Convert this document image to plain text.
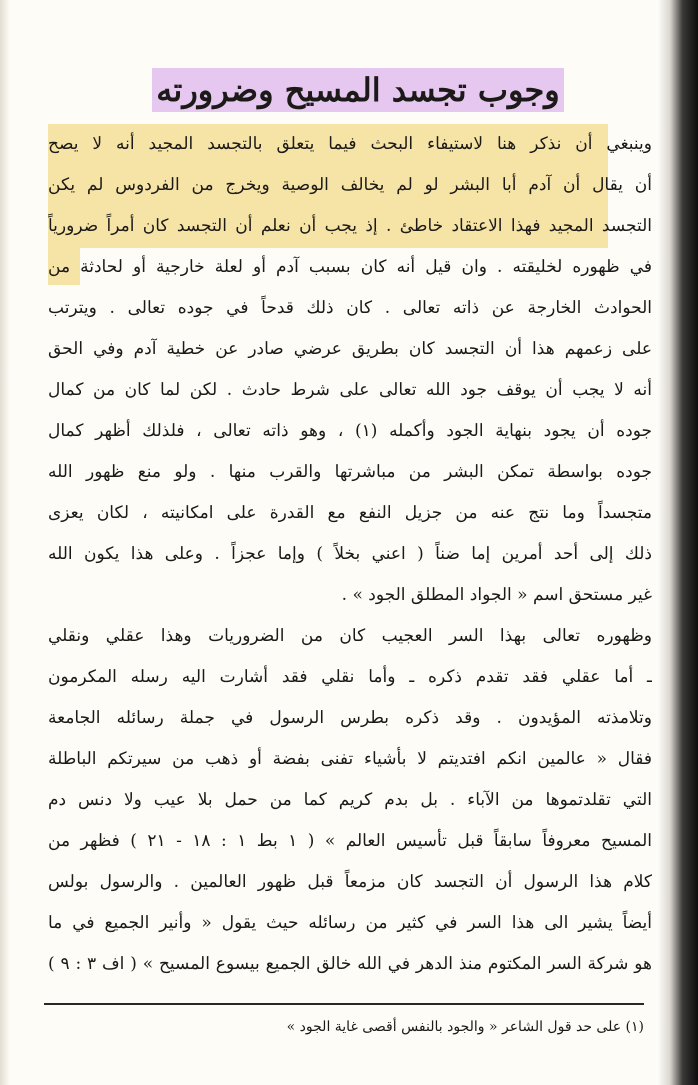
وجوب تجسد المسيح وضرورته
وينبغي أن نذكر هنا لاستيفاء البحث فيما يتعلق بالتجسد المجيد أنه لا يصح
أن يقال أن آدم أبا البشر لو لم يخالف الوصية ويخرج من الفردوس لم يكن
التجسد المجيد فهذا الاعتقاد خاطئ . إذ يجب أن نعلم أن التجسد كان أمراً ضرورياً
في ظهوره لخليقته . وان قيل أنه كان بسبب آدم أو لعلة خارجية أو لحادثة من
الحوادث الخارجة عن ذاته تعالى . كان ذلك قدحاً في جوده تعالى . ويترتب
على زعمهم هذا أن التجسد كان بطريق عرضي صادر عن خطية آدم وفي الحق
أنه لا يجب أن يوقف جود الله تعالى على شرط حادث . لكن لما كان من كمال
جوده أن يجود بنهاية الجود وأكمله (١) ، وهو ذاته تعالى ، فلذلك أظهر كمال
جوده بواسطة تمكن البشر من مباشرتها والقرب منها . ولو منع ظهور الله
متجسداً وما نتج عنه من جزيل النفع مع القدرة على امكانيته ، لكان يعزى
ذلك إلى أحد أمرين إما ضناً ( اعني بخلاً ) وإما عجزاً . وعلى هذا يكون الله
غير مستحق اسم « الجواد المطلق الجود » .
وظهوره تعالى بهذا السر العجيب كان من الضروريات وهذا عقلي ونقلي
ـ أما عقلي فقد تقدم ذكره ـ وأما نقلي فقد أشارت اليه رسله المكرمون
وتلامذته المؤيدون . وقد ذكره بطرس الرسول في جملة رسائله الجامعة
فقال « عالمين انكم افتديتم لا بأشياء تفنى بفضة أو ذهب من سيرتكم الباطلة
التي تقلدتموها من الآباء . بل بدم كريم كما من حمل بلا عيب ولا دنس دم
المسيح معروفاً سابقاً قبل تأسيس العالم » ( ١ بط ١ : ١٨ - ٢١ ) فظهر من
كلام هذا الرسول أن التجسد كان مزمعاً قبل ظهور العالمين . والرسول بولس
أيضاً يشير الى هذا السر في كثير من رسائله حيث يقول « وأنير الجميع في ما
هو شركة السر المكتوم منذ الدهر في الله خالق الجميع بيسوع المسيح » ( اف ٣ : ٩ )
(١) على حد قول الشاعر « والجود بالنفس أقصى غاية الجود »
